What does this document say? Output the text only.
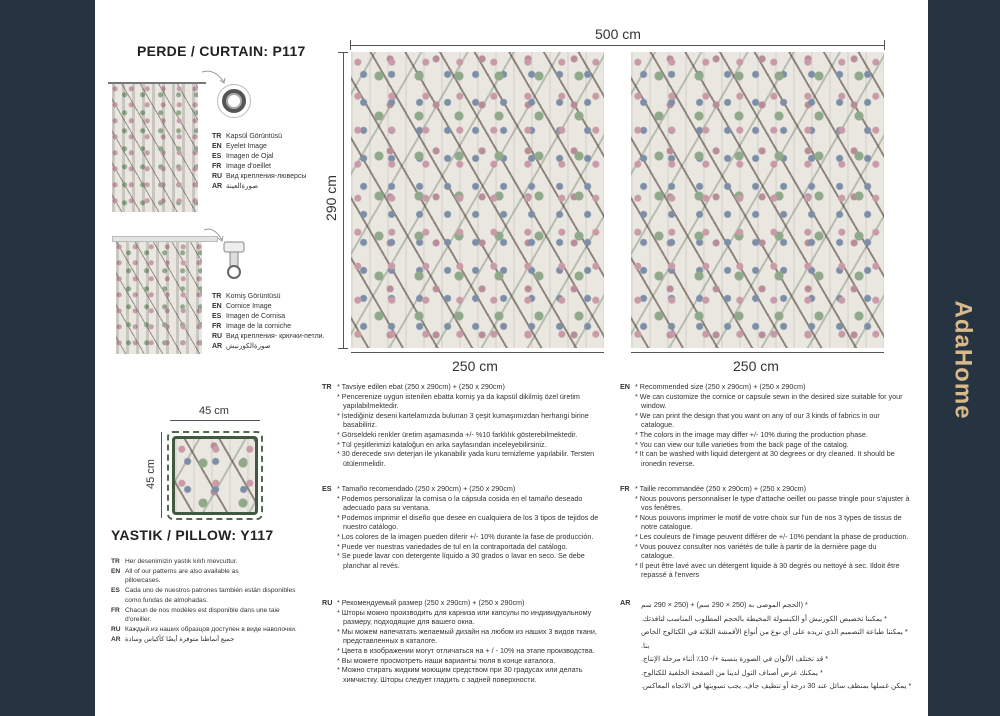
AdaHome
PERDE / CURTAIN: P117
TR Kapsül Görüntüsü
EN Eyelet Image
ES Imagen de Ojal
FR Image d'oeillet
RU Вид крепления-люверсы
AR صورةالعينة
TR Korniş Görüntüsü
EN Cornice Image
ES Imagen de Cornisa
FR Image de la corniche
RU Вид крепления- крючки-петли.
AR صورةالكورنيش
500 cm
290 cm
250 cm	250 cm
45 cm
45 cm
YASTIK / PILLOW: Y117
TR Her desenimizin yastık kılıfı mevcuttur.
EN All of our patterns are also available as
pillowcases.
ES Cada uno de nuestros patrones también están disponibles
como fundas de almohadas.
FR Chacun de nos modèles est disponible dans une taie
d'oreiller.
RU Каждый из наших образцов доступен в виде наволочки.
AR جميع أنماطنا متوفرة أيضًا كأكياس وسادة
TR * Tavsiye edilen ebat (250 x 290cm) + (250 x 290cm)
* Pencerenize uygun istenilen ebatta korniş ya da kapsül dikilmiş özel üretim yapılabilmektedir.
* İstediğiniz deseni kartelamızda bulunan 3 çeşit kumaşımızdan herhangi birine basabiliriz.
* Görseldeki renkler üretim aşamasında +/- %10 farklılık gösterebilmektedir.
* Tül çeşitlerimizi kataloğun en arka sayfasından inceleyebilirsiniz.
* 30 derecede sıvı deterjan ile yıkanabilir yada kuru temizleme yapılabilir. Tersten ütülenmelidir.
EN * Recommended size (250 x 290cm) + (250 x 290cm)
* We can customize the cornice or capsule sewn in the desired size suitable for your window.
* We can print the design that you want on any of our 3 kinds of fabrics in our catalogue.
* The colors in the image may differ +/- 10% during the production phase.
* You can view our tulle varieties from the back page of the catalog.
* It can be washed with liquid detergent at 30 degrees or dry cleaned. It should be ironedin reverse.
ES * Tamaño recomendado (250 x 290cm) + (250 x 290cm)
* Podemos personalizar la cornisa o la cápsula cosida en el tamaño deseado adecuado para su ventana.
* Podemos imprimir el diseño que desee en cualquiera de los 3 tipos de tejidos de nuestro catálogo.
* Los colores de la imagen pueden diferir +/- 10% durante la fase de producción.
* Puede ver nuestras variedades de tul en la contraportada del catálogo.
* Se puede lavar con detergente líquido a 30 grados o lavar en seco. Se debe planchar al revés.
FR * Taille recommandée (250 x 290cm) + (250 x 290cm)
* Nous pouvons personnaliser le type d'attache oeillet ou passe tringle pour s'ajuster à vos fenêtres.
* Nous pouvons imprimer le motif de votre choix sur l'un de nos 3 types de tissus de notre catalogue.
* Les couleurs de l'image peuvent différer de +/- 10% pendant la phase de production.
* Vous pouvez consulter nos variétés de tulle à partir de la dernière page du catalogue.
* Il peut être lavé avec un détergent liquide à 30 degrés ou nettoyé à sec. Ildoit être repassé à l'envers
RU * Рекомендуемый размер (250 x 290cm) + (250 x 290cm)
* Шторы можно производить для карниза или капсулы по индивидуальному размеру, подходящие для вашего окна.
* Мы можем напечатать желаемый дизайн на любом из наших 3 видов ткани, представленных в каталоге.
* Цвета в изображении могут отличаться на + / - 10% на этапе производства.
* Вы можете просмотреть наши варианты тюля в конце каталога.
* Можно стирать жидким моющим средством при 30 градусах или делать химчистку. Шторы следует гладить с задней поверхности.
AR	* (الحجم الموصى به (250 × 290 سم) + (250 × 290 سم
* يمكننا تخصيص الكورنيش أو الكبسولة المخيطة بالحجم المطلوب المناسب لنافذتك.
* يمكننا طباعة التصميم الذي تريده على أي نوع من أنواع الأقمشة الثلاثة في الكتالوج الخاص بنا.
* قد تختلف الألوان في الصورة بنسبة +/- 10٪ أثناء مرحلة الإنتاج.
* يمكنك عرض أصناف التول لدينا من الصفحة الخلفية للكتالوج.
* يمكن غسلها بمنظف سائل عند 30 درجة أو تنظيف جاف. يجب تسويتها في الاتجاه المعاكس.
